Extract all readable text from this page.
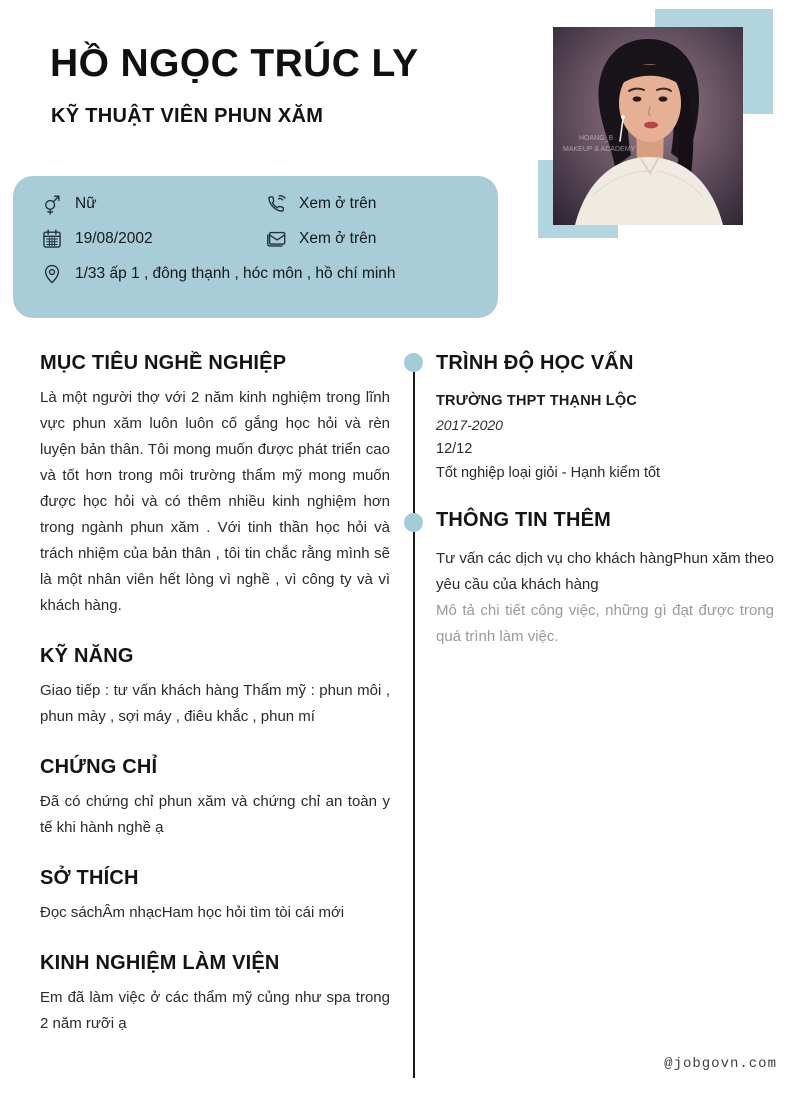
HỒ NGỌC TRÚC LY
KỸ THUẬT VIÊN PHUN XĂM
HOANG_B
MAKEUP & ACADEMY
Nữ	Xem ở trên
19/08/2002	Xem ở trên
1/33 ấp 1 , đông thạnh , hóc môn , hồ chí minh
MỤC TIÊU NGHỀ NGHIỆP

Là một người thợ với 2 năm kinh nghiệm trong lĩnh vực phun xăm luôn luôn cố gắng học hỏi và rèn luyện bản thân. Tôi mong muốn được phát triển cao và tốt hơn trong môi trường thẩm mỹ mong muốn được học hỏi và có thêm nhiều kinh nghiệm hơn trong ngành phun xăm . Với tinh thần học hỏi và trách nhiệm của bản thân , tôi tin chắc rằng mình sẽ là một nhân viên hết lòng vì nghề , vì công ty và vì khách hàng.

KỸ NĂNG

Giao tiếp : tư vấn khách hàng Thẩm mỹ : phun môi , phun mày , sợi máy , điêu khắc , phun mí

CHỨNG CHỈ

Đã có chứng chỉ phun xăm và chứng chỉ an toàn y tế khi hành nghề ạ

SỞ THÍCH

Đọc sáchÂm nhạcHam học hỏi tìm tòi cái mới

KINH NGHIỆM LÀM VIỆN

Em đã làm việc ở các thẩm mỹ củng như spa trong 2 năm rưỡi ạ

TRÌNH ĐỘ HỌC VẤN
TRƯỜNG THPT THẠNH LỘC
2017-2020
12/12
Tốt nghiệp loại giỏi - Hạnh kiểm tốt
THÔNG TIN THÊM

Tư vấn các dịch vụ cho khách hàngPhun xăm theo yêu cầu của khách hàng

Mô tả chi tiết công việc, những gì đạt được trong quá trình làm việc.

@jobgovn.com
